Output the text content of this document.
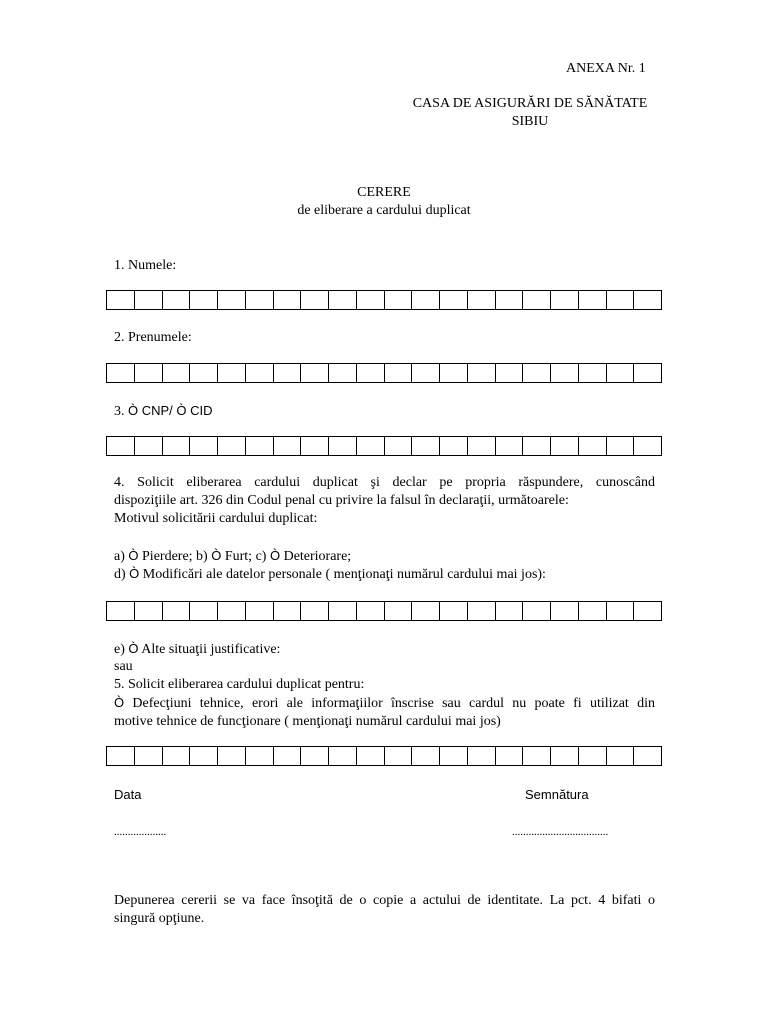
ANEXA Nr. 1
CASA DE ASIGURĂRI DE SĂNĂTATE
SIBIU
CERERE
de eliberare a cardului duplicat
1. Numele:
2. Prenumele:
3. Ò CNP/ Ò CID
4. Solicit eliberarea cardului duplicat şi declar pe propria răspundere, cunoscând
dispoziţiile art. 326 din Codul penal cu privire la falsul în declaraţii, următoarele:
Motivul solicitării cardului duplicat:
a) Ò Pierdere; b) Ò Furt; c) Ò Deteriorare;
d) Ò Modificări ale datelor personale ( menţionaţi numărul cardului mai jos):
e) Ò Alte situaţii justificative:
sau
5. Solicit eliberarea cardului duplicat pentru:
Ò Defecţiuni tehnice, erori ale informaţiilor înscrise sau cardul nu poate fi utilizat din
motive tehnice de funcţionare ( menţionaţi numărul cardului mai jos)
Data	Semnătura
...................	...................................
Depunerea cererii se va face însoţită de o copie a actului de identitate. La pct. 4 bifati o
singură opţiune.
